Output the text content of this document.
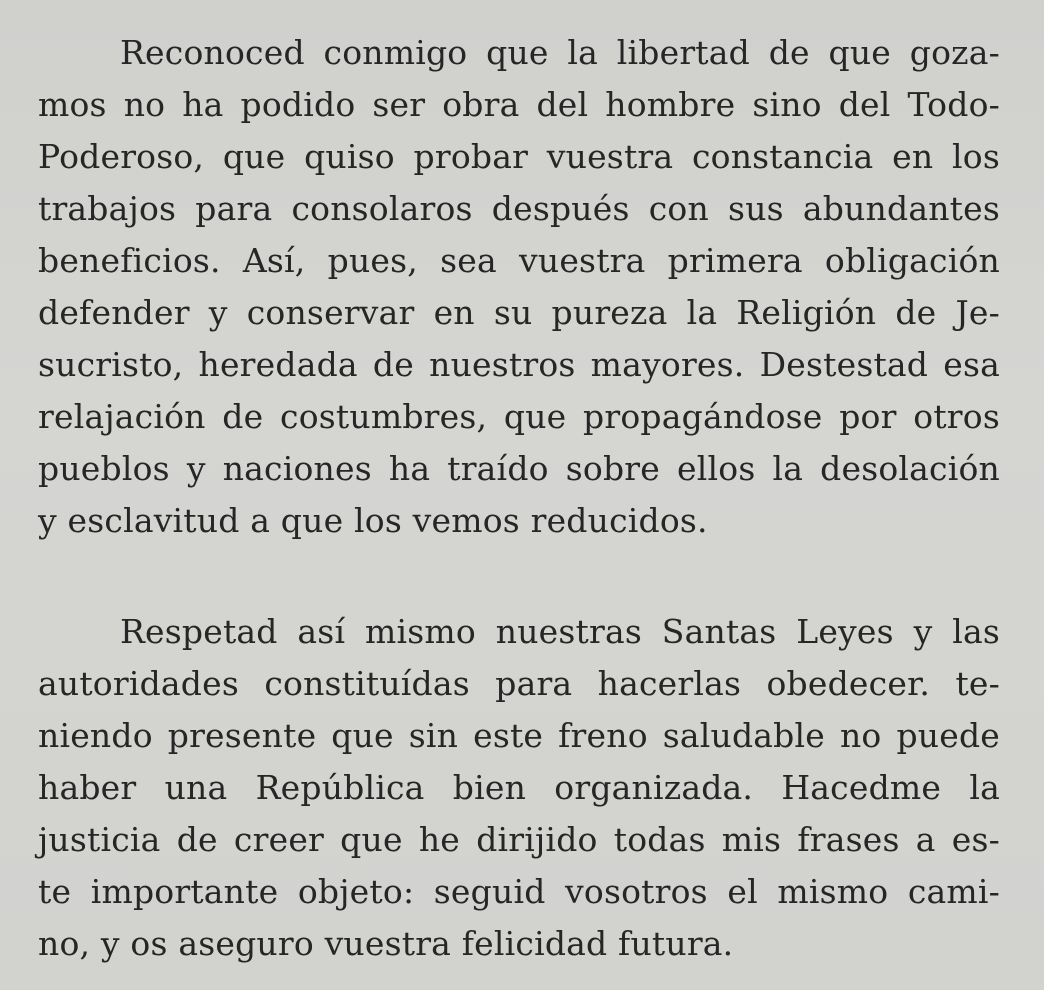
Reconoced conmigo que la libertad de que goza-
mos no ha podido ser obra del hombre sino del Todo-
Poderoso, que quiso probar vuestra constancia en los
trabajos para consolaros después con sus abundantes
beneficios. Así, pues, sea vuestra primera obligación
defender y conservar en su pureza la Religión de Je-
sucristo, heredada de nuestros mayores. Destestad esa
relajación de costumbres, que propagándose por otros
pueblos y naciones ha traído sobre ellos la desolación
y esclavitud a que los vemos reducidos.

Respetad así mismo nuestras Santas Leyes y las
autoridades constituídas para hacerlas obedecer. te-
niendo presente que sin este freno saludable no puede
haber una República bien organizada. Hacedme la
justicia de creer que he dirijido todas mis frases a es-
te importante objeto: seguid vosotros el mismo cami-
no, y os aseguro vuestra felicidad futura.
